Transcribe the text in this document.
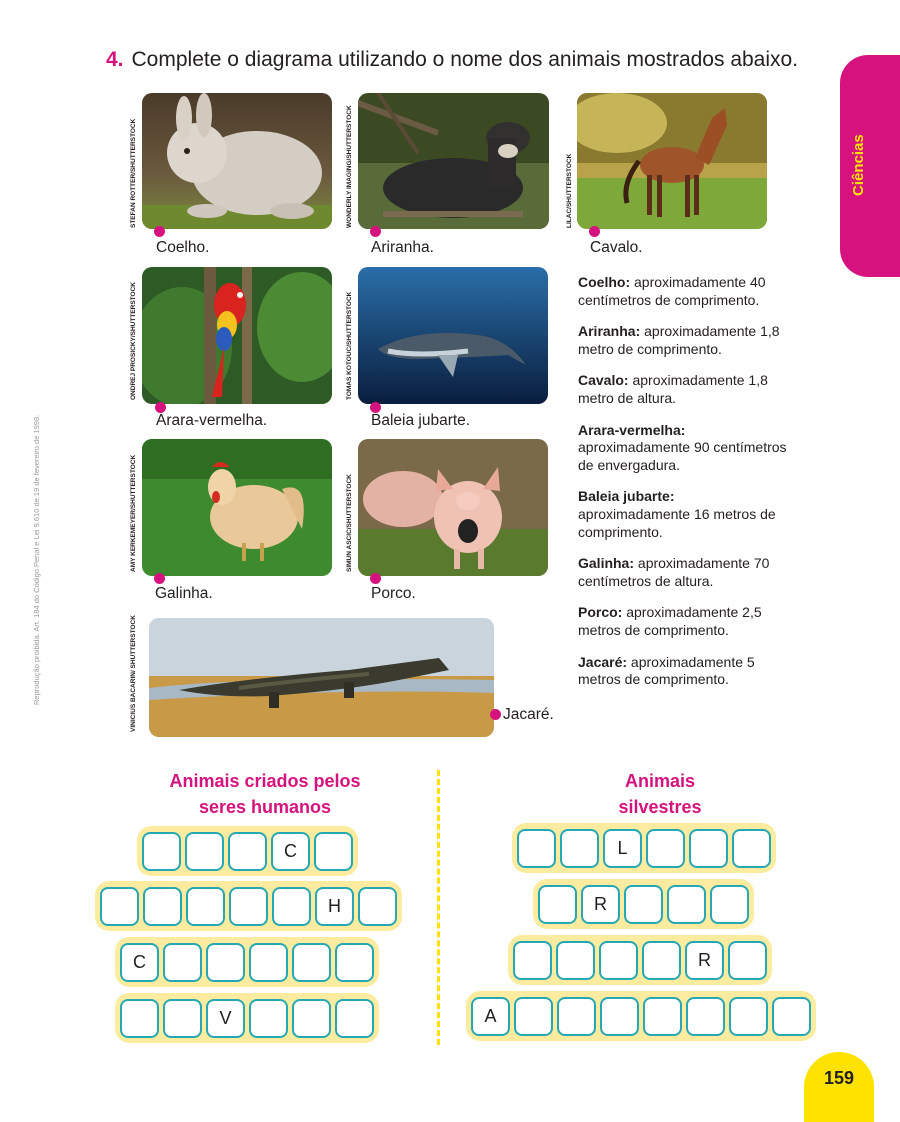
4. Complete o diagrama utilizando o nome dos animais mostrados abaixo.
Ciências
Reprodução proibida. Art. 184 do Código Penal e Lei 9.610 de 19 de fevereiro de 1998.
STEFAN ROTTER/SHUTTERSTOCK
Coelho.
WONDERLY IMAGING/SHUTTERSTOCK
Ariranha.
LILAC/SHUTTERSTOCK
Cavalo.
ONDREJ PROSICKY/SHUTTERSTOCK
Arara-vermelha.
TOMAS KOTOUC/SHUTTERSTOCK
Baleia jubarte.
AMY KERKEMEYER/SHUTTERSTOCK
Galinha.
SIMUN ASCIC/SHUTTERSTOCK
Porco.
VINICIUS BACARIN/ SHUTTERSTOCK	Jacaré.
Coelho: aproximadamente 40 centímetros de comprimento.
Ariranha: aproximadamente 1,8 metro de comprimento.
Cavalo: aproximadamente 1,8 metro de altura.
Arara-vermelha: aproximadamente 90 centímetros de envergadura.
Baleia jubarte: aproximadamente 16 metros de comprimento.
Galinha: aproximadamente 70 centímetros de altura.
Porco: aproximadamente 2,5 metros de comprimento.
Jacaré: aproximadamente 5 metros de comprimento.
Animais criados pelos
seres humanos
Animais
silvestres
C
H
C
V
L
R
R
A
159
